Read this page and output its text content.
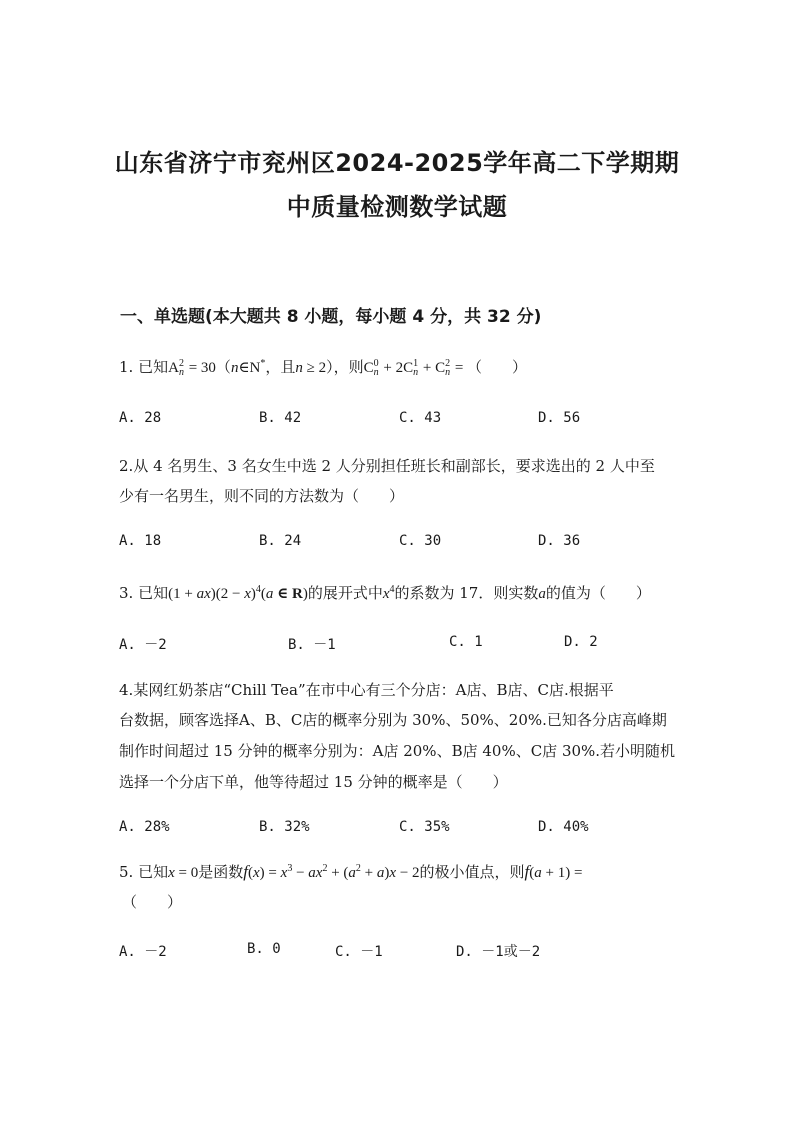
山东省济宁市兖州区2024-2025学年高二下学期期
中质量检测数学试题
一、单选题(本大题共 8 小题，每小题 4 分，共 32 分)
1. 已知A 2
n = 30（n∈N*，且n ≥ 2），则C 0
n + 2C 1
n + C 2
n = （　　）
A. 28	B. 42	C. 43	D. 56
2.从 4 名男生、3 名女生中选 2 人分别担任班长和副部长，要求选出的 2 人中至
少有一名男生，则不同的方法数为（　　）
A. 18	B. 24	C. 30	D. 36
3. 已知$(1 + ax)(2 - x)^4(a$ ∈ R)的展开式中$x^4$的系数为 17．则实数a的值为（　　）
A. －2	B. －1	C. 1	D. 2
4.某网红奶茶店“Chill Tea”在市中心有三个分店：A店、B店、C店.根据平
台数据，顾客选择A、B、C店的概率分别为 30%、50%、20%.已知各分店高峰期
制作时间超过 15 分钟的概率分别为：A店 20%、B店 40%、C店 30%.若小明随机
选择一个分店下单，他等待超过 15 分钟的概率是（　　）
A. 28%	B. 32%	C. 35%	D. 40%
5. 已知x = 0是函数$f(x) = x^3 - ax^2 + (a^2 + a)x - 2$的极小值点，则f(a + 1) =
（　　）
A. －2	B. 0	C. －1	D. －1或－2
